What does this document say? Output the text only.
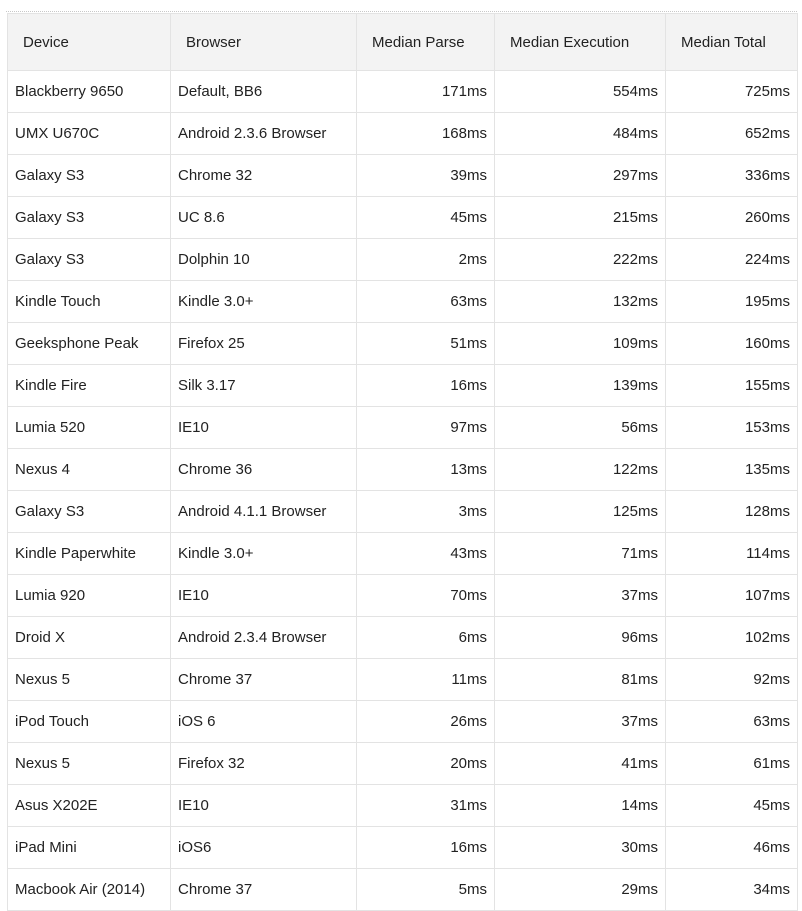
Device	Browser	Median Parse	Median Execution	Median Total
Blackberry 9650	Default, BB6	171ms	554ms	725ms
UMX U670C	Android 2.3.6 Browser	168ms	484ms	652ms
Galaxy S3	Chrome 32	39ms	297ms	336ms
Galaxy S3	UC 8.6	45ms	215ms	260ms
Galaxy S3	Dolphin 10	2ms	222ms	224ms
Kindle Touch	Kindle 3.0+	63ms	132ms	195ms
Geeksphone Peak	Firefox 25	51ms	109ms	160ms
Kindle Fire	Silk 3.17	16ms	139ms	155ms
Lumia 520	IE10	97ms	56ms	153ms
Nexus 4	Chrome 36	13ms	122ms	135ms
Galaxy S3	Android 4.1.1 Browser	3ms	125ms	128ms
Kindle Paperwhite	Kindle 3.0+	43ms	71ms	114ms
Lumia 920	IE10	70ms	37ms	107ms
Droid X	Android 2.3.4 Browser	6ms	96ms	102ms
Nexus 5	Chrome 37	11ms	81ms	92ms
iPod Touch	iOS 6	26ms	37ms	63ms
Nexus 5	Firefox 32	20ms	41ms	61ms
Asus X202E	IE10	31ms	14ms	45ms
iPad Mini	iOS6	16ms	30ms	46ms
Macbook Air (2014)	Chrome 37	5ms	29ms	34ms
